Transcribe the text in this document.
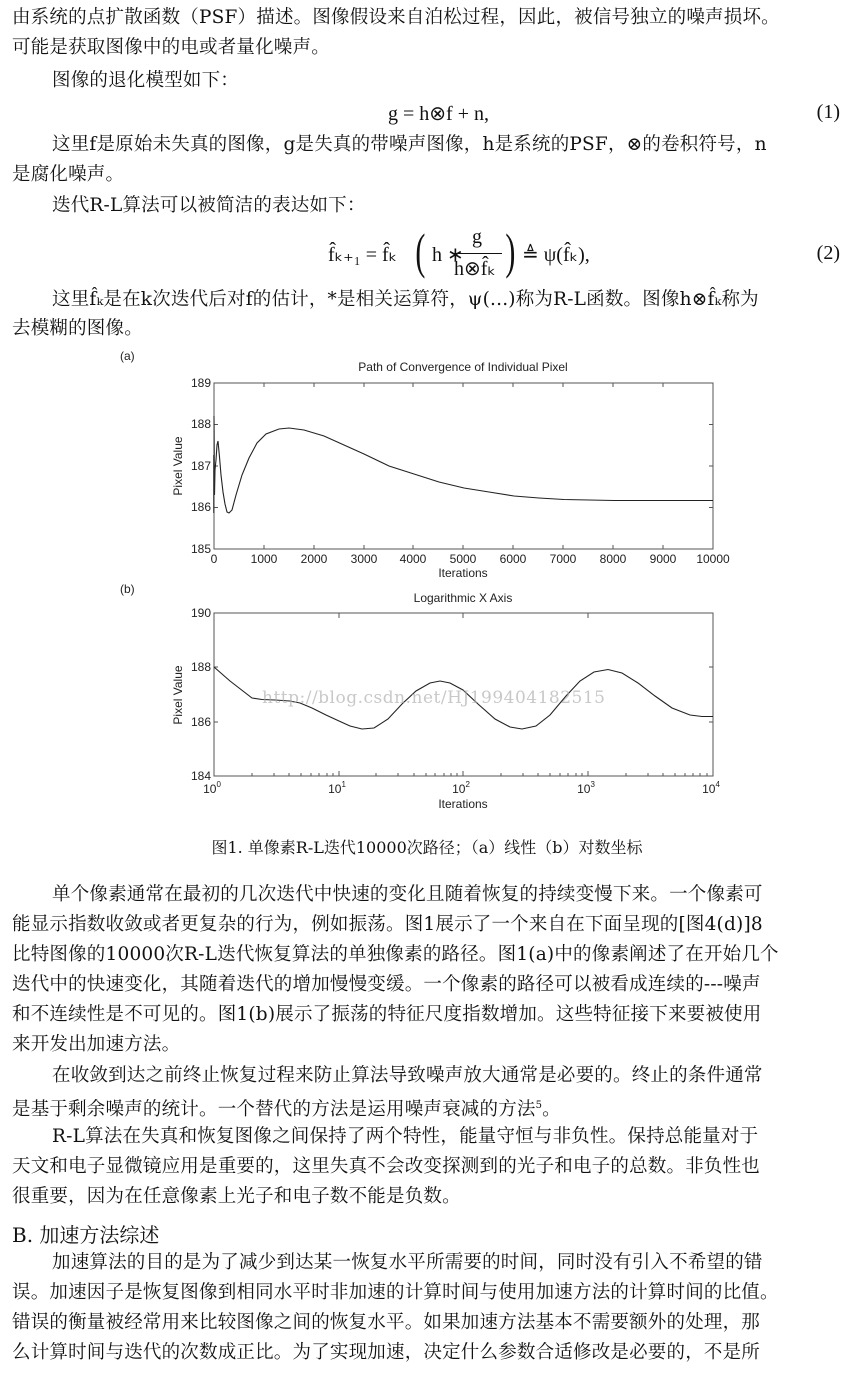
由系统的点扩散函数（PSF）描述。图像假设来自泊松过程，因此，被信号独立的噪声损坏。
可能是获取图像中的电或者量化噪声。
图像的退化模型如下：
g = h⊗f + n,	(1)
这里f是原始未失真的图像，g是失真的带噪声图像，h是系统的PSF，⊗的卷积符号，n
是腐化噪声。
迭代R-L算法可以被简洁的表达如下：
f̂ₖ₊₁ = f̂ₖ ( h ∗
g
h⊗f̂ₖ ) ≜ ψ(f̂ₖ),	(2)
这里f̂ₖ是在k次迭代后对f的估计，*是相关运算符，ψ(...)称为R-L函数。图像h⊗f̂ₖ称为
去模糊的图像。
(a)
(b)
Path of Convergence of Individual Pixel
189
188
187
186
185
0	1000 2000 3000 4000 5000 6000 7000 8000 9000 10000
Iterations
Pixel Value
Logarithmic X Axis
190
188
186
184
$10^0$	$10^1$	$10^2$	$10^3$	$10^4$
Iterations
Pixel Value	http://blog.csdn.net/HJ199404182515
图1. 单像素R-L迭代10000次路径；（a）线性（b）对数坐标
单个像素通常在最初的几次迭代中快速的变化且随着恢复的持续变慢下来。一个像素可
能显示指数收敛或者更复杂的行为，例如振荡。图1展示了一个来自在下面呈现的[图4(d)]8
比特图像的10000次R-L迭代恢复算法的单独像素的路径。图1(a)中的像素阐述了在开始几个
迭代中的快速变化，其随着迭代的增加慢慢变缓。一个像素的路径可以被看成连续的---噪声
和不连续性是不可见的。图1(b)展示了振荡的特征尺度指数增加。这些特征接下来要被使用
来开发出加速方法。
在收敛到达之前终止恢复过程来防止算法导致噪声放大通常是必要的。终止的条件通常
是基于剩余噪声的统计。一个替代的方法是运用噪声衰减的方法$^5$。
R-L算法在失真和恢复图像之间保持了两个特性，能量守恒与非负性。保持总能量对于
天文和电子显微镜应用是重要的，这里失真不会改变探测到的光子和电子的总数。非负性也
很重要，因为在任意像素上光子和电子数不能是负数。
B. 加速方法综述
加速算法的目的是为了减少到达某一恢复水平所需要的时间，同时没有引入不希望的错
误。加速因子是恢复图像到相同水平时非加速的计算时间与使用加速方法的计算时间的比值。
错误的衡量被经常用来比较图像之间的恢复水平。如果加速方法基本不需要额外的处理，那
么计算时间与迭代的次数成正比。为了实现加速，决定什么参数合适修改是必要的，不是所
